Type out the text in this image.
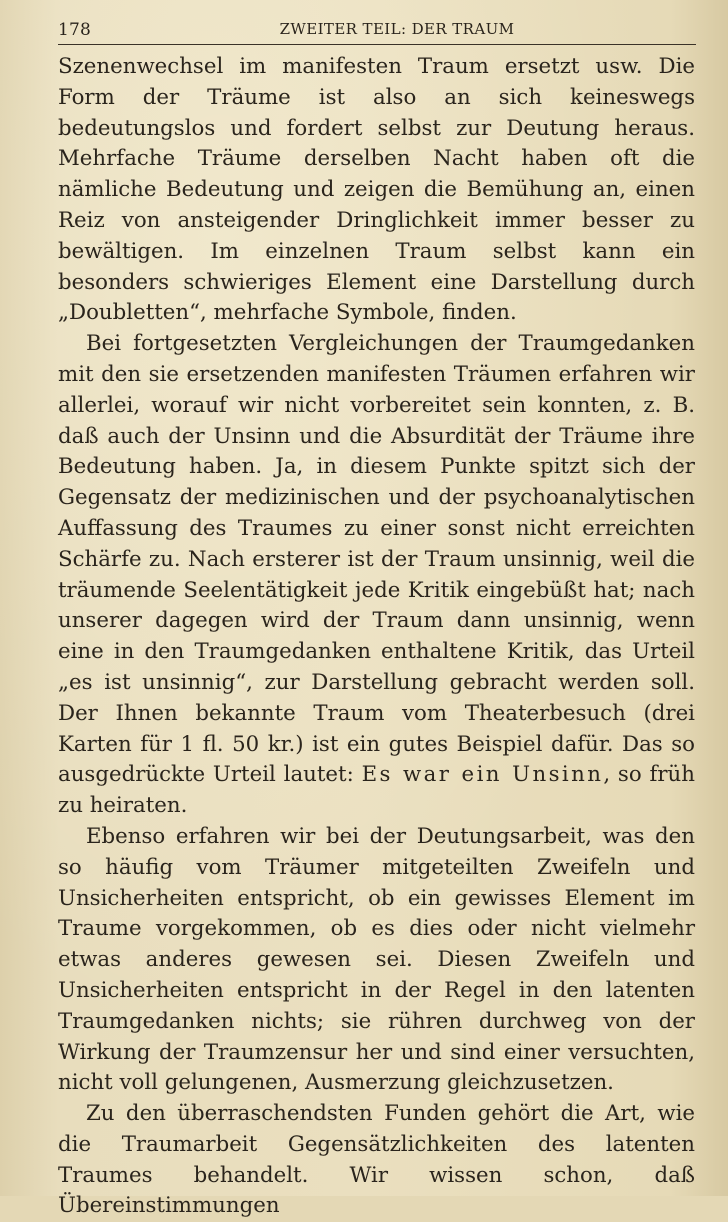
178	ZWEITER TEIL: DER TRAUM

Szenenwechsel im manifesten Traum ersetzt usw. Die Form der Träume ist also an sich keineswegs bedeutungslos und fordert selbst zur Deutung heraus. Mehrfache Träume derselben Nacht haben oft die nämliche Bedeutung und zeigen die Bemühung an, einen Reiz von ansteigender Dringlichkeit immer besser zu bewältigen. Im einzelnen Traum selbst kann ein besonders schwieriges Element eine Darstellung durch „Doubletten“, mehrfache Symbole, finden.

Bei fortgesetzten Vergleichungen der Traumgedanken mit den sie ersetzenden manifesten Träumen erfahren wir allerlei, worauf wir nicht vorbereitet sein konnten, z. B. daß auch der Unsinn und die Absurdität der Träume ihre Bedeutung haben. Ja, in diesem Punkte spitzt sich der Gegensatz der medizinischen und der psychoanalytischen Auffassung des Traumes zu einer sonst nicht erreichten Schärfe zu. Nach ersterer ist der Traum unsinnig, weil die träumende Seelentätigkeit jede Kritik eingebüßt hat; nach unserer dagegen wird der Traum dann unsinnig, wenn eine in den Traumgedanken enthaltene Kritik, das Urteil „es ist unsinnig“, zur Darstellung gebracht werden soll. Der Ihnen bekannte Traum vom Theaterbesuch (drei Karten für 1 fl. 50 kr.) ist ein gutes Beispiel dafür. Das so ausgedrückte Urteil lautet: Es war ein Unsinn, so früh zu heiraten.

Ebenso erfahren wir bei der Deutungsarbeit, was den so häufig vom Träumer mitgeteilten Zweifeln und Unsicherheiten entspricht, ob ein gewisses Element im Traume vorgekommen, ob es dies oder nicht vielmehr etwas anderes gewesen sei. Diesen Zweifeln und Unsicherheiten entspricht in der Regel in den latenten Traumgedanken nichts; sie rühren durchweg von der Wirkung der Traumzensur her und sind einer versuchten, nicht voll gelungenen, Ausmerzung gleichzusetzen.

Zu den überraschendsten Funden gehört die Art, wie die Traumarbeit Gegensätzlichkeiten des latenten Traumes behandelt. Wir wissen schon, daß Übereinstimmungen
